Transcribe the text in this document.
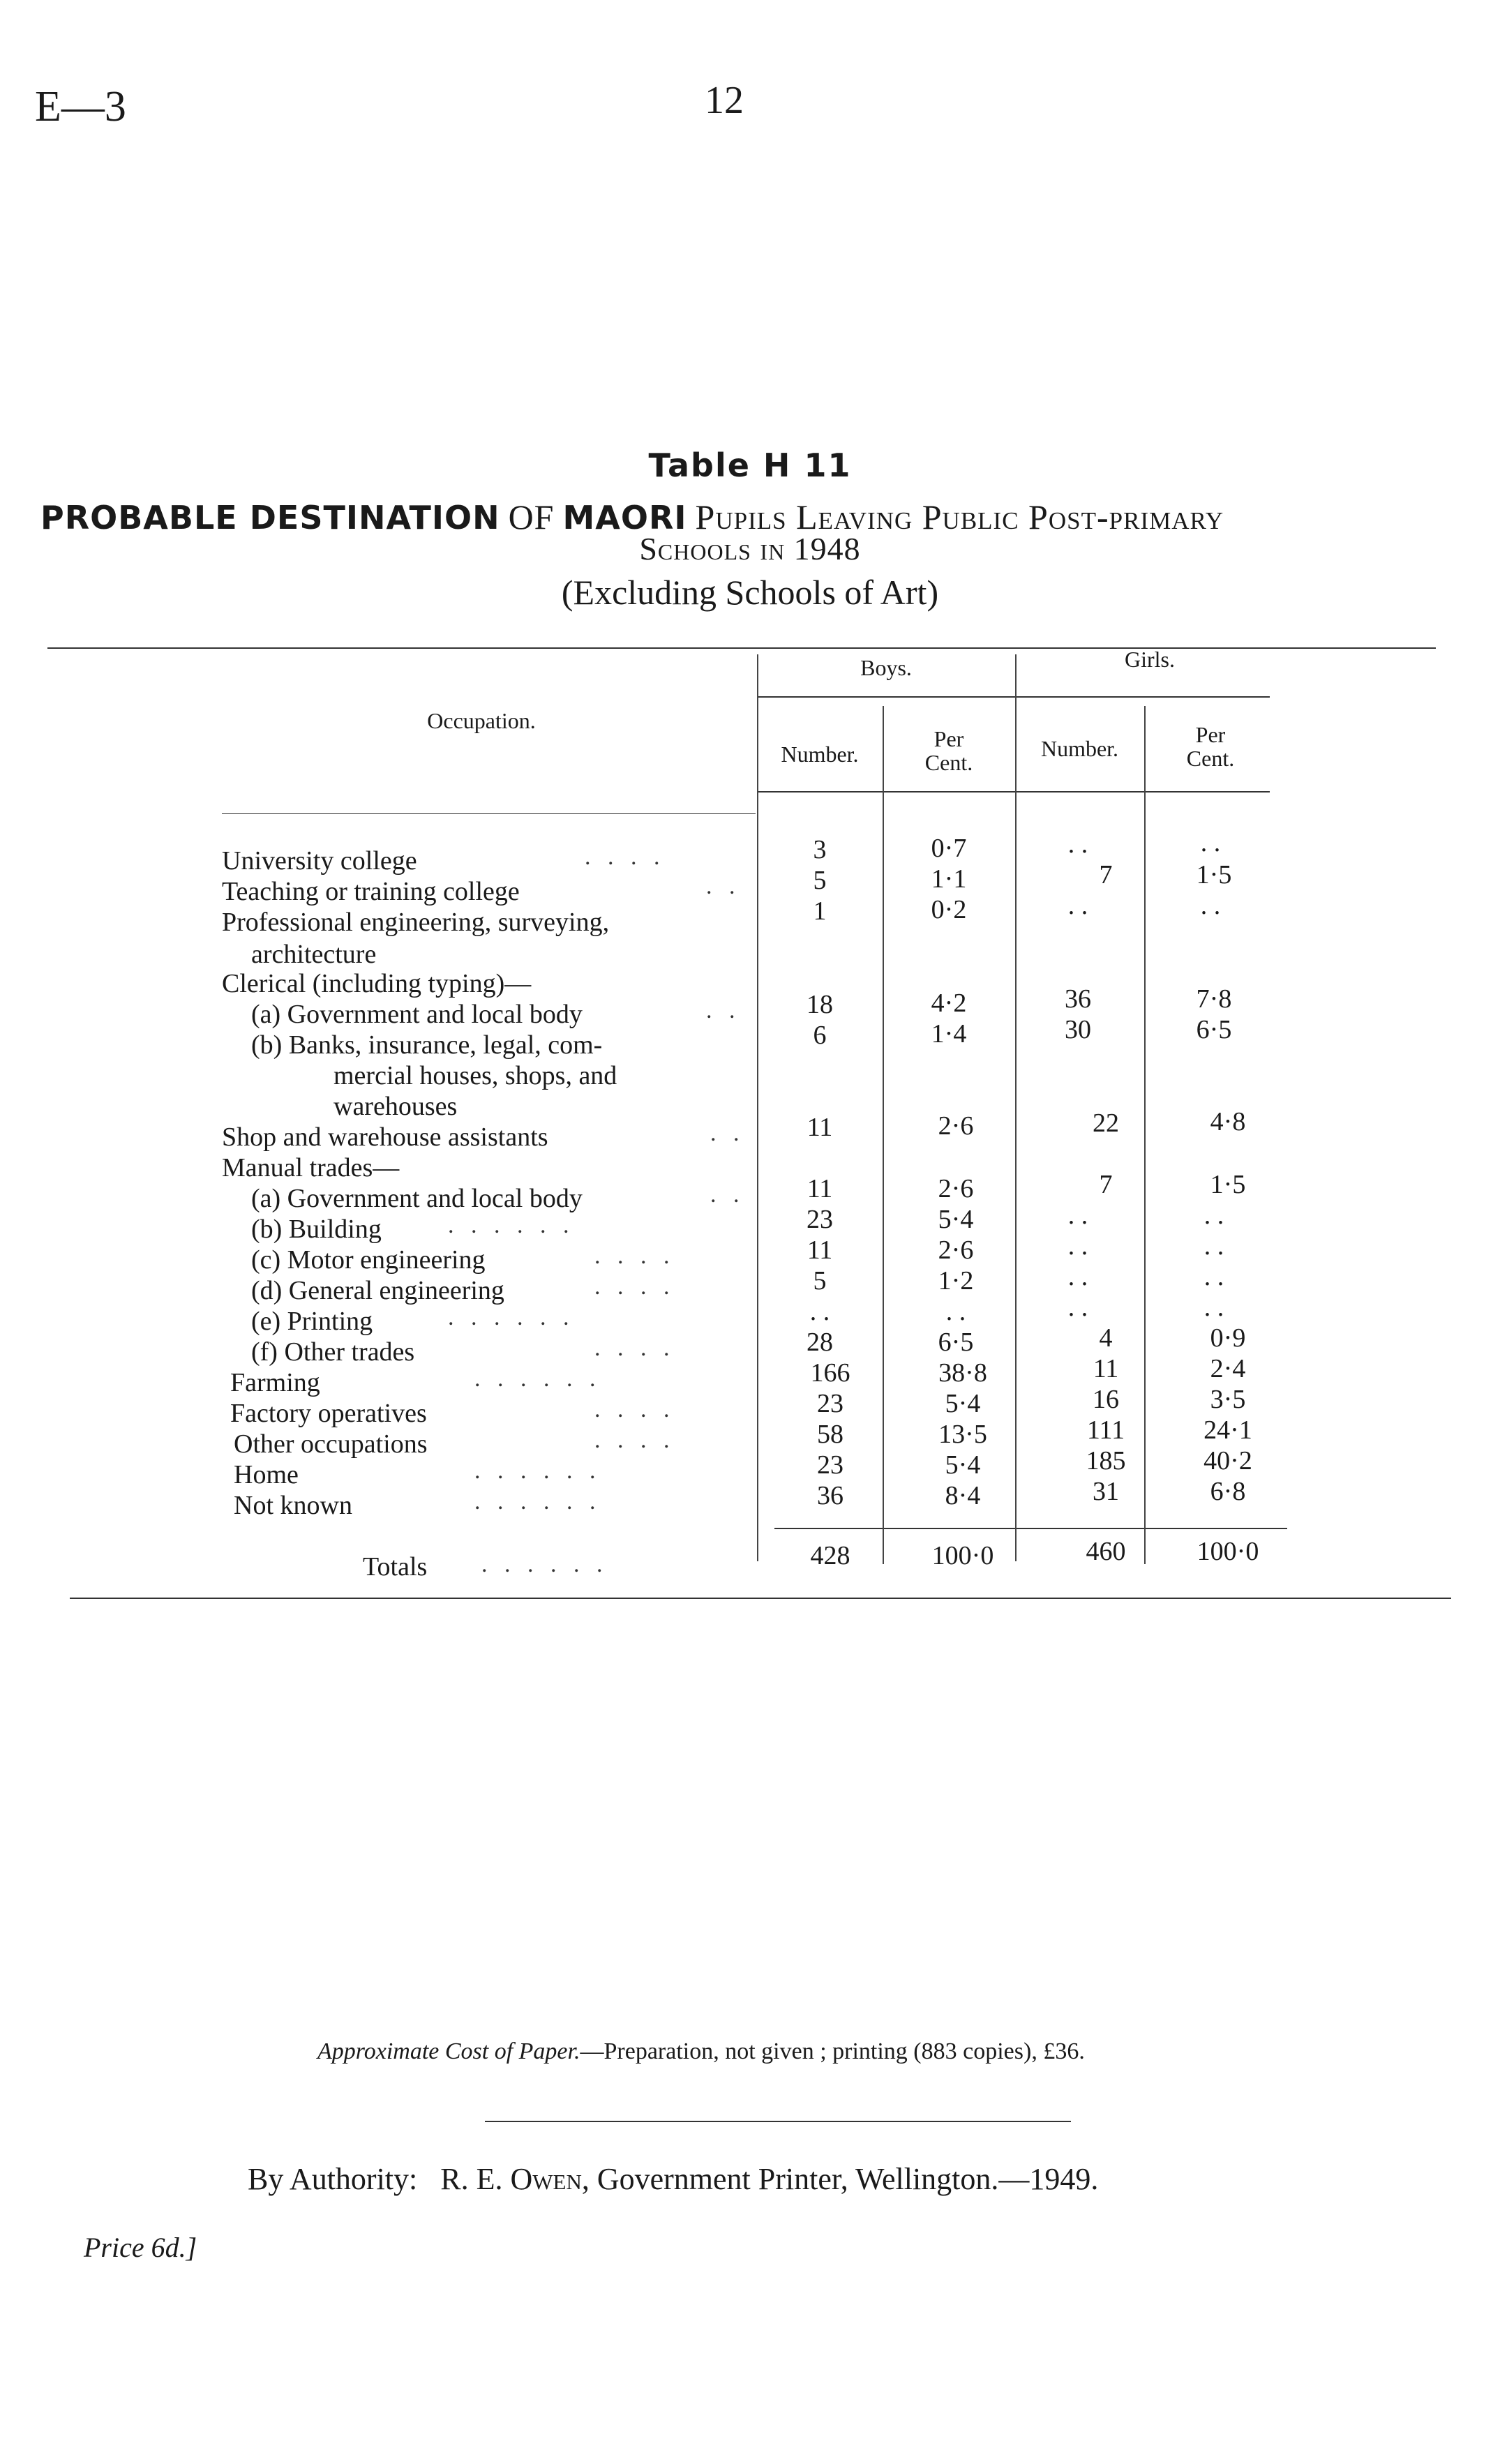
E—3	12
Table H 11
PROBABLE DESTINATION OF MAORI Pupils Leaving Public Post-primary
Schools in 1948
(Excluding Schools of Art)
Occupation.
Boys.	Girls.
Number.
Per
Cent.
Number.
Per
Cent.
University college	. . . .	3	0·7	. .	. .
Teaching or training college	. .	5	1·1	7	1·5
Professional engineering, surveying,	1	0·2	. .	. .
architecture
Clerical (including typing)—
(a) Government and local body	. .	18	4·2	36	7·8
(b) Banks, insurance, legal, com-	6	1·4	30	6·5
mercial houses, shops, and
warehouses
Shop and warehouse assistants	. .	11	2·6	22	4·8
Manual trades—
(a) Government and local body	. .	11	2·6	7	1·5
(b) Building	. . . . . .	23	5·4	. .	. .
(c) Motor engineering	. . . .	11	2·6	. .	. .
(d) General engineering	. . . .	5	1·2	. .	. .
(e) Printing	. . . . . .	. .	. .	. .	. .
(f) Other trades	. . . .	28	6·5	4	0·9
Farming	. . . . . .	166	38·8	11	2·4
Factory operatives	. . . .	23	5·4	16	3·5
Other occupations	. . . .	58	13·5	111	24·1
Home	. . . . . .	23	5·4	185	40·2
Not known	. . . . . .	36	8·4	31	6·8
Totals . . . . . .	428	100·0	460	100·0
Approximate Cost of Paper.—Preparation, not given ; printing (883 copies), £36.
By Authority: R. E. Owen, Government Printer, Wellington.—1949.
Price 6d.]
